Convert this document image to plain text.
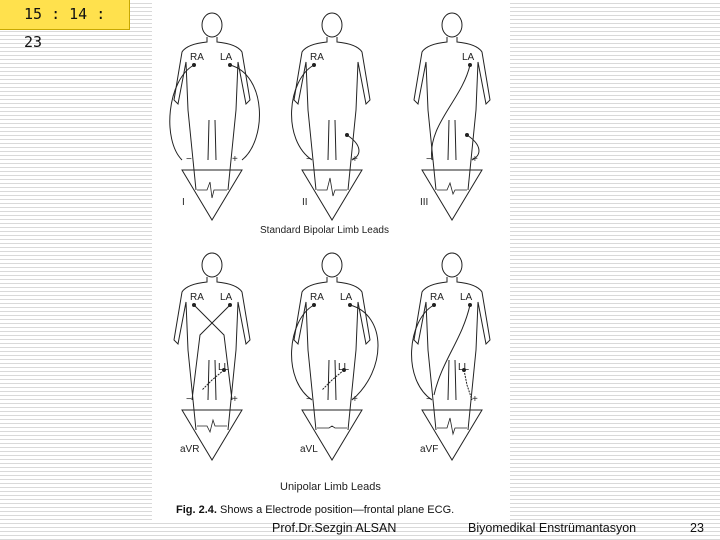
15 : 14 : 23
RA LA
−	+
I
RA
−	+
II
LA
−	+
III
Standard Bipolar Limb Leads
RA LA
LL
−	+
aVR
RA LA
LL
−	+
aVL
RA LA
LL
−	+
aVF
Unipolar Limb Leads
Fig. 2.4. Shows a Electrode position—frontal plane ECG.
Prof.Dr.Sezgin ALSAN	Biyomedikal Enstrümantasyon	23
